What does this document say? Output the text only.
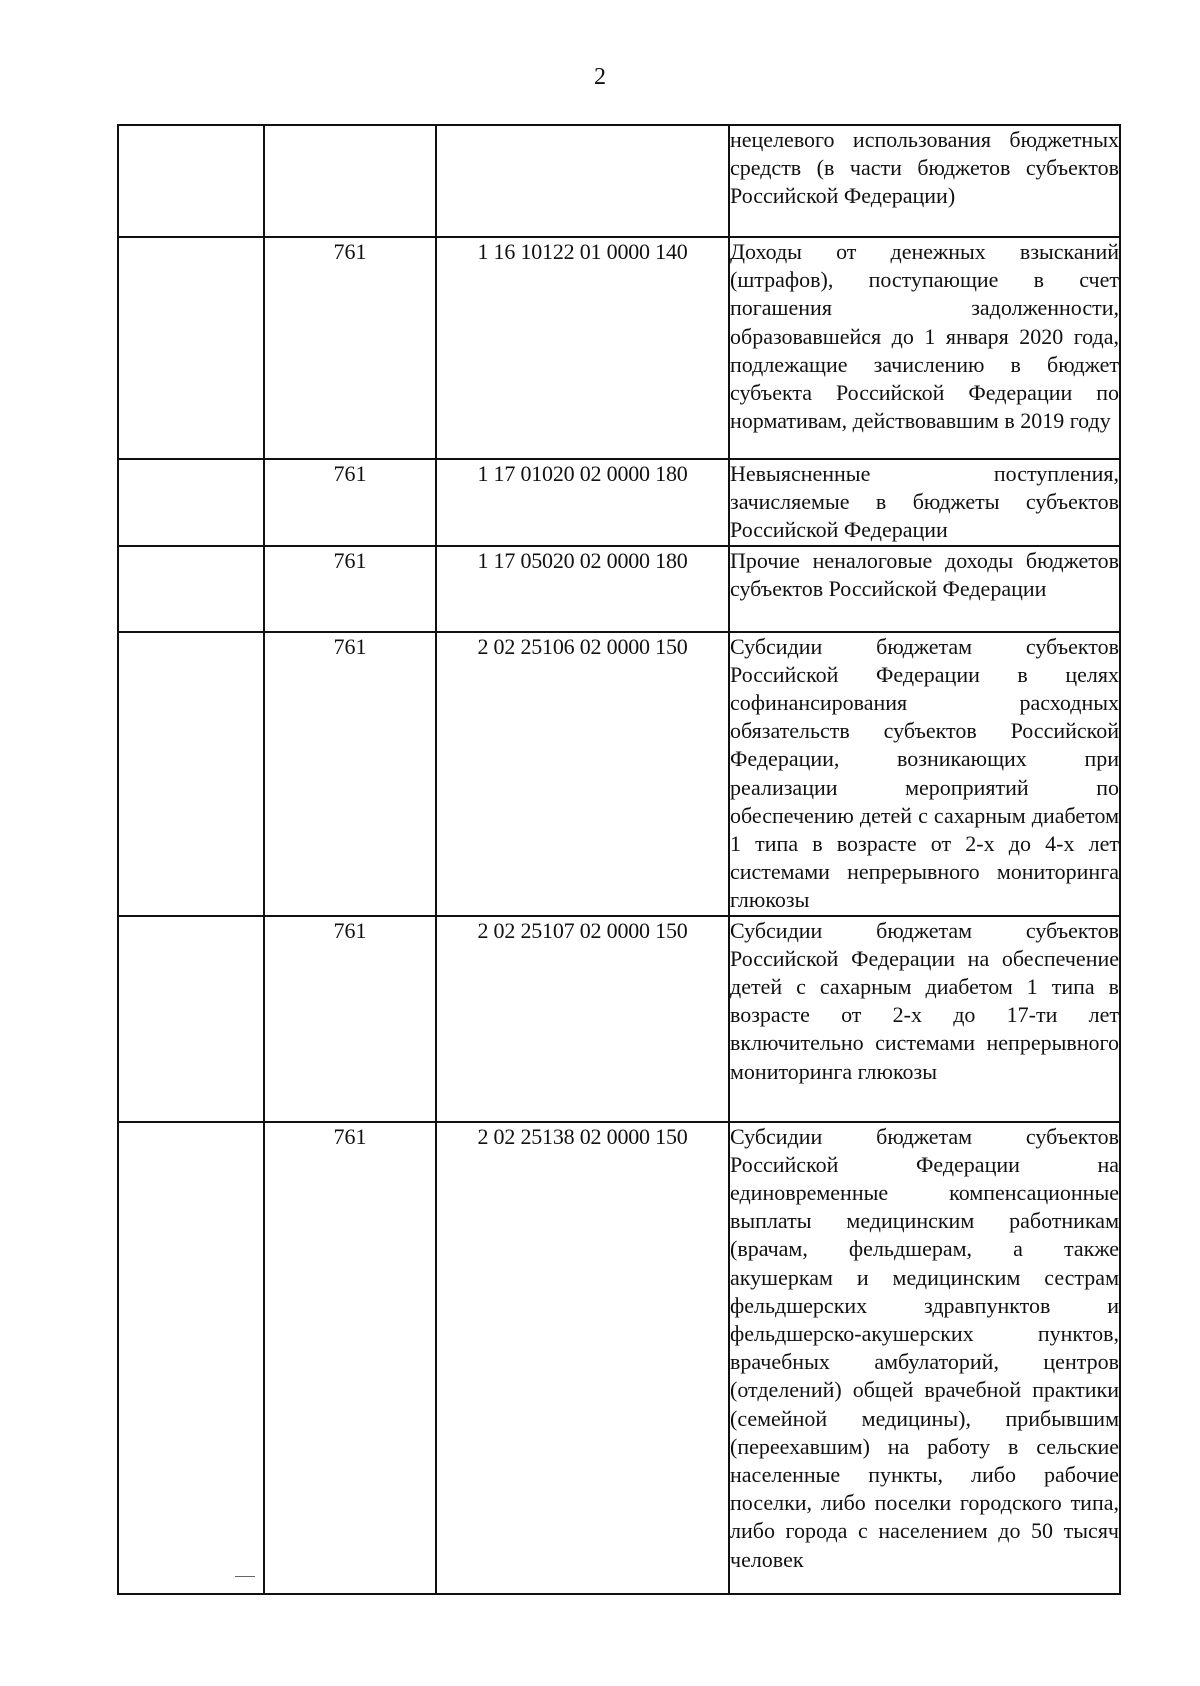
2
			нецелевого использования бюджетных средств (в части бюджетов субъектов Российской Федерации)
	761	1 16 10122 01 0000 140	Доходы от денежных взысканий (штрафов), поступающие в счет погашения задолженности, образовавшейся до 1 января 2020 года, подлежащие зачислению в бюджет субъекта Российской Федерации по нормативам, действовавшим в 2019 году
	761	1 17 01020 02 0000 180	Невыясненные поступления, зачисляемые в бюджеты субъектов Российской Федерации
	761	1 17 05020 02 0000 180	Прочие неналоговые доходы бюджетов субъектов Российской Федерации
	761	2 02 25106 02 0000 150	Субсидии бюджетам субъектов Российской Федерации в целях софинансирования расходных обязательств субъектов Российской Федерации, возникающих при реализации мероприятий по обеспечению детей с сахарным диабетом 1 типа в возрасте от 2-х до 4-х лет системами непрерывного мониторинга глюкозы
	761	2 02 25107 02 0000 150	Субсидии бюджетам субъектов Российской Федерации на обеспечение детей с сахарным диабетом 1 типа в возрасте от 2-х до 17-ти лет включительно системами непрерывного мониторинга глюкозы
	761	2 02 25138 02 0000 150	Субсидии бюджетам субъектов Российской Федерации на единовременные компенсационные выплаты медицинским работникам (врачам, фельдшерам, а также акушеркам и медицинским сестрам фельдшерских здравпунктов и фельдшерско-акушерских пунктов, врачебных амбулаторий, центров (отделений) общей врачебной практики (семейной медицины), прибывшим (переехавшим) на работу в сельские населенные пункты, либо рабочие поселки, либо поселки городского типа, либо города с населением до 50 тысяч человек
